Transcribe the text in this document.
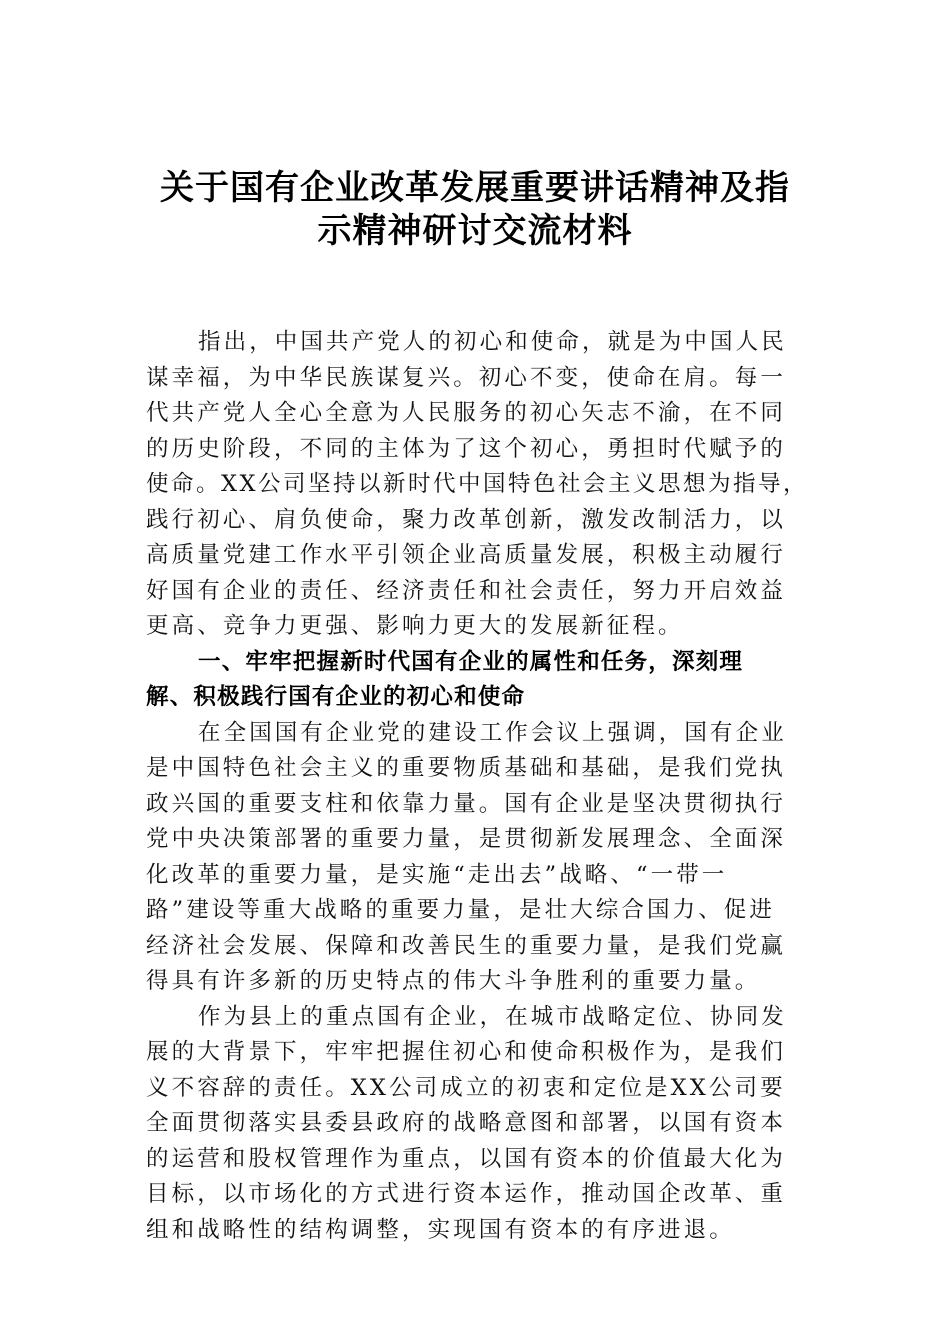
关于国有企业改革发展重要讲话精神及指
示精神研讨交流材料
指出，中国共产党人的初心和使命，就是为中国人民
谋幸福，为中华民族谋复兴。初心不变，使命在肩。每一
代共产党人全心全意为人民服务的初心矢志不渝，在不同
的历史阶段，不同的主体为了这个初心，勇担时代赋予的
使命。XX公司坚持以新时代中国特色社会主义思想为指导，
践行初心、肩负使命，聚力改革创新，激发改制活力，以
高质量党建工作水平引领企业高质量发展，积极主动履行
好国有企业的责任、经济责任和社会责任，努力开启效益
更高、竞争力更强、影响力更大的发展新征程。
一、牢牢把握新时代国有企业的属性和任务，深刻理
解、积极践行国有企业的初心和使命
在全国国有企业党的建设工作会议上强调，国有企业
是中国特色社会主义的重要物质基础和基础，是我们党执
政兴国的重要支柱和依靠力量。国有企业是坚决贯彻执行
党中央决策部署的重要力量，是贯彻新发展理念、全面深
化改革的重要力量，是实施“走出去”战略、“一带一
路”建设等重大战略的重要力量，是壮大综合国力、促进
经济社会发展、保障和改善民生的重要力量，是我们党赢
得具有许多新的历史特点的伟大斗争胜利的重要力量。
作为县上的重点国有企业，在城市战略定位、协同发
展的大背景下，牢牢把握住初心和使命积极作为，是我们
义不容辞的责任。XX公司成立的初衷和定位是XX公司要
全面贯彻落实县委县政府的战略意图和部署，以国有资本
的运营和股权管理作为重点，以国有资本的价值最大化为
目标，以市场化的方式进行资本运作，推动国企改革、重
组和战略性的结构调整，实现国有资本的有序进退。
